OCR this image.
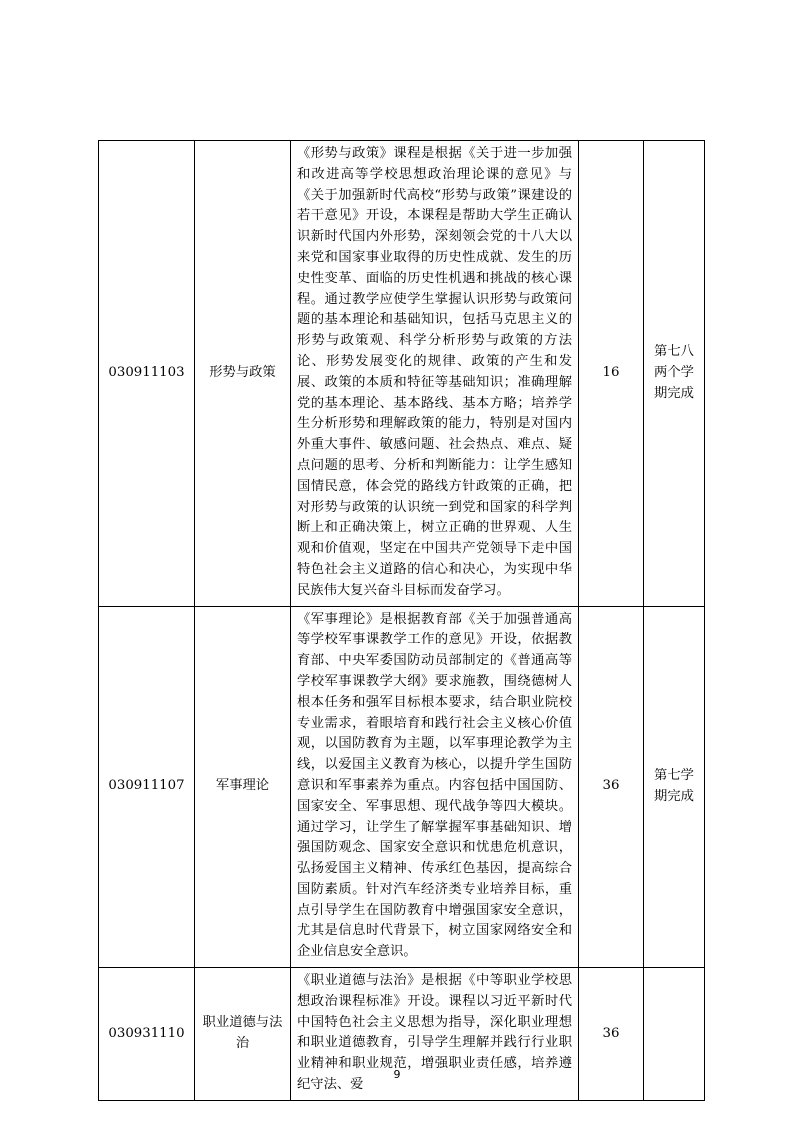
030911103	形势与政策	《形势与政策》课程是根据《关于进一步加强和改进高等学校思想政治理论课的意见》与《关于加强新时代高校“形势与政策”课建设的若干意见》开设，本课程是帮助大学生正确认识新时代国内外形势，深刻领会党的十八大以来党和国家事业取得的历史性成就、发生的历史性变革、面临的历史性机遇和挑战的核心课程。通过教学应使学生掌握认识形势与政策问题的基本理论和基础知识，包括马克思主义的形势与政策观、科学分析形势与政策的方法论、形势发展变化的规律、政策的产生和发展、政策的本质和特征等基础知识；准确理解党的基本理论、基本路线、基本方略；培养学生分析形势和理解政策的能力，特别是对国内外重大事件、敏感问题、社会热点、难点、疑点问题的思考、分析和判断能力：让学生感知国情民意，体会党的路线方针政策的正确，把对形势与政策的认识统一到党和国家的科学判断上和正确决策上，树立正确的世界观、人生观和价值观，坚定在中国共产党领导下走中国特色社会主义道路的信心和决心，为实现中华民族伟大复兴奋斗目标而发奋学习。	16	第七八两个学期完成
030911107	军事理论	《军事理论》是根据教育部《关于加强普通高等学校军事课教学工作的意见》开设，依据教育部、中央军委国防动员部制定的《普通高等学校军事课教学大纲》要求施教，围绕德树人根本任务和强军目标根本要求，结合职业院校专业需求，着眼培育和践行社会主义核心价值观，以国防教育为主题，以军事理论教学为主线，以爱国主义教育为核心，以提升学生国防意识和军事素养为重点。内容包括中国国防、国家安全、军事思想、现代战争等四大模块。通过学习，让学生了解掌握军事基础知识、增强国防观念、国家安全意识和忧患危机意识，弘扬爱国主义精神、传承红色基因，提高综合国防素质。针对汽车经济类专业培养目标，重点引导学生在国防教育中增强国家安全意识，尤其是信息时代背景下，树立国家网络安全和企业信息安全意识。	36	第七学期完成
030931110	职业道德与法治	《职业道德与法治》是根据《中等职业学校思想政治课程标准》开设。课程以习近平新时代中国特色社会主义思想为指导，深化职业理想和职业道德教育，引导学生理解并践行行业职业精神和职业规范，增强职业责任感，培养遵纪守法、爱	36	
9
